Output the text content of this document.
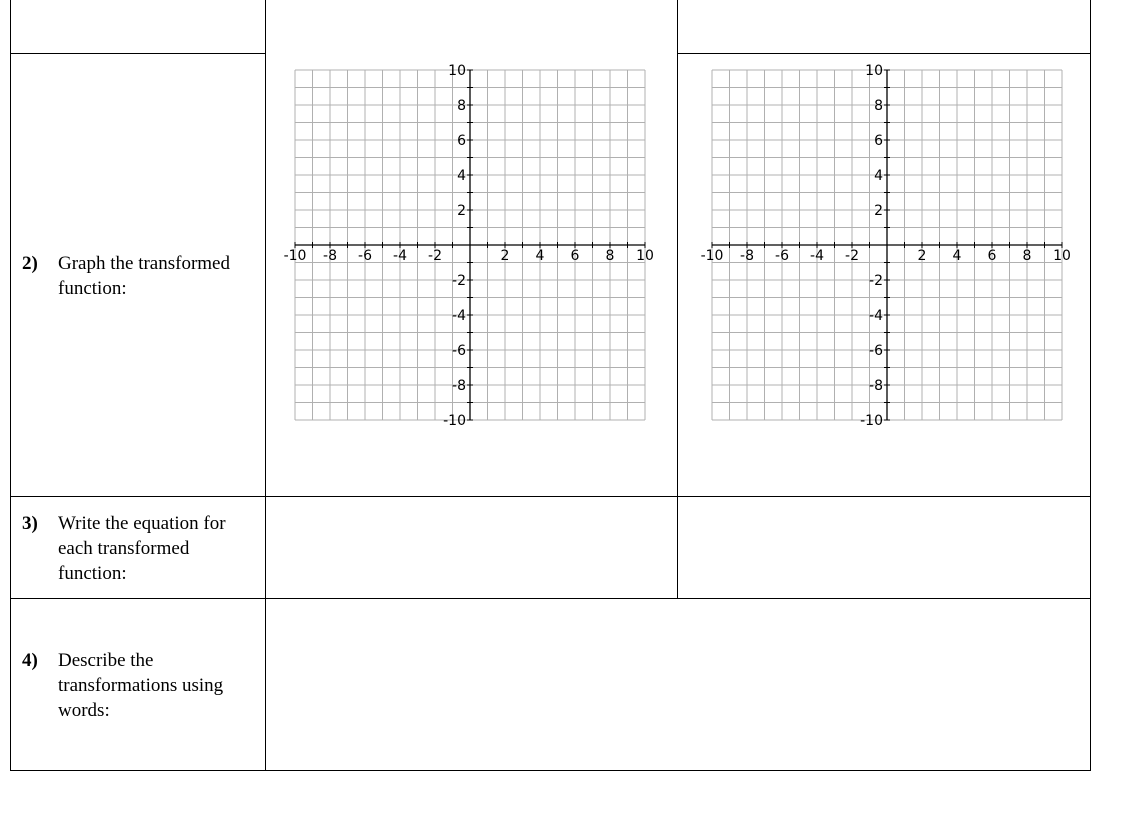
2)	Graph the transformed function:
3)	Write the equation for each transformed function:
4)	Describe the transformations using words:
-10 -8 -6 -4 -2	2 4 6 8 10
10
8
6
4
2
-2
-4
-6
-8
-10
-10 -8 -6 -4 -2	2 4 6 8 10
10
8
6
4
2
-2
-4
-6
-8
-10
